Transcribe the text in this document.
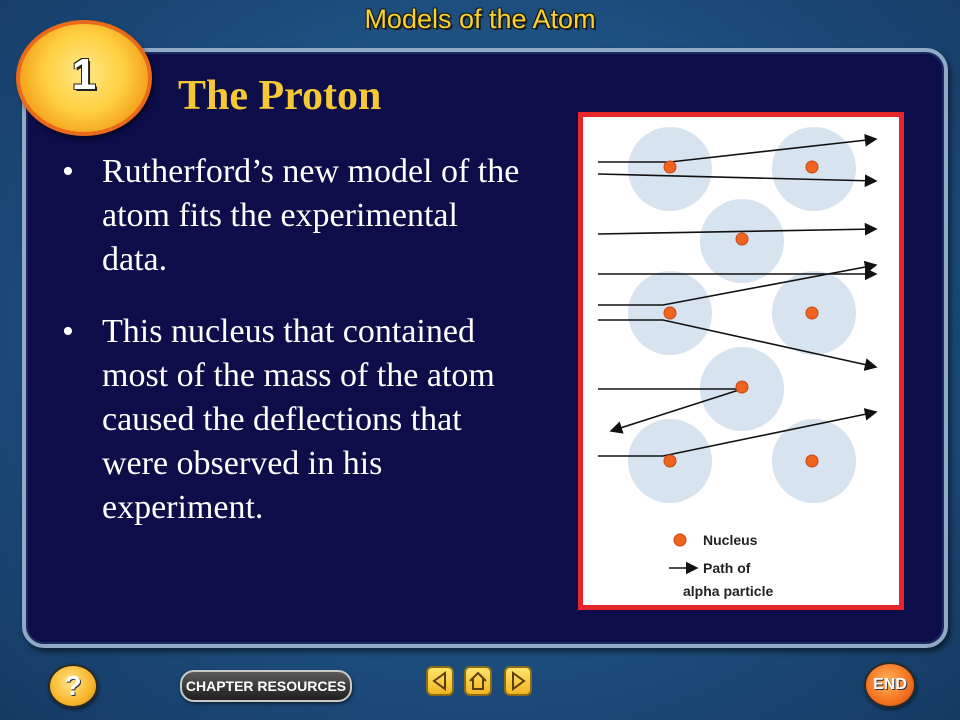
Models of the Atom
1	The Proton
• Rutherford’s new model of the atom fits the experimental data.
• This nucleus that contained most of the mass of the atom caused the deflections that were observed in his experiment.
Nucleus
Path of
alpha particle
?	CHAPTER RESOURCES	END
